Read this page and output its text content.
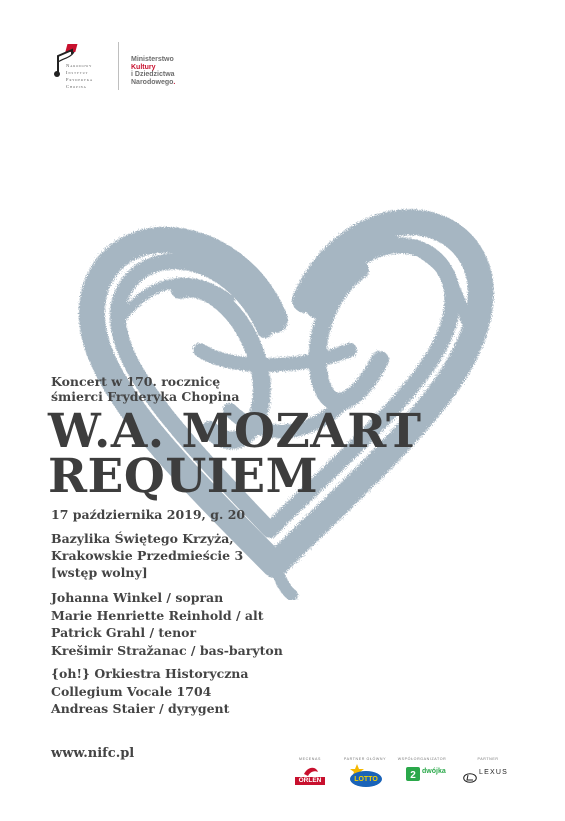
Narodowy
Instytut
Fryderyka
Chopina
Ministerstwo
Kultury
i Dziedzictwa
Narodowego.
Koncert w 170. rocznicę
śmierci Fryderyka Chopina
W.A. MOZART
REQUIEM
17 października 2019, g. 20
Bazylika Świętego Krzyża,
Krakowskie Przedmieście 3
[wstęp wolny]
Johanna Winkel / sopran
Marie Henriette Reinhold / alt
Patrick Grahl / tenor
Krešimir Stražanac / bas-baryton
{oh!} Orkiestra Historyczna
Collegium Vocale 1704
Andreas Staier / dyrygent
www.nifc.pl	MECENAS
ORLEN
PARTNER GŁÓWNY
LOTTO
WSPÓŁORGANIZATOR
2 dwójka
PARTNER
LEXUS
